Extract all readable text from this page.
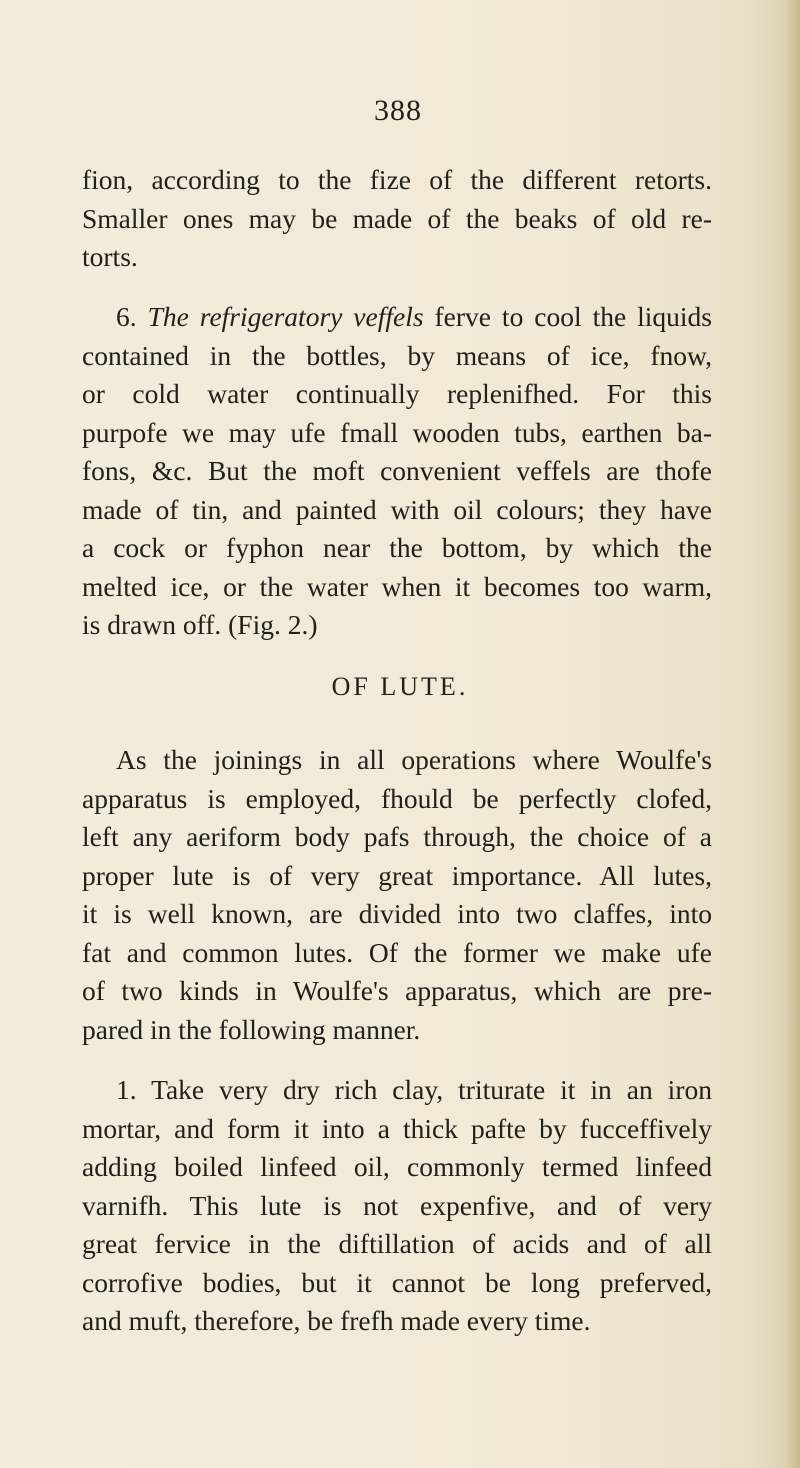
388
fion, according to the fize of the different retorts.
Smaller ones may be made of the beaks of old re-
torts.
6. The refrigeratory veffels ferve to cool the liquids
contained in the bottles, by means of ice, fnow,
or cold water continually replenifhed. For this
purpofe we may ufe fmall wooden tubs, earthen ba-
fons, &c. But the moft convenient veffels are thofe
made of tin, and painted with oil colours; they have
a cock or fyphon near the bottom, by which the
melted ice, or the water when it becomes too warm,
is drawn off. (Fig. 2.)
OF LUTE.
As the joinings in all operations where Woulfe's
apparatus is employed, fhould be perfectly clofed,
left any aeriform body pafs through, the choice of a
proper lute is of very great importance. All lutes,
it is well known, are divided into two claffes, into
fat and common lutes. Of the former we make ufe
of two kinds in Woulfe's apparatus, which are pre-
pared in the following manner.
1. Take very dry rich clay, triturate it in an iron
mortar, and form it into a thick pafte by fucceffively
adding boiled linfeed oil, commonly termed linfeed
varnifh. This lute is not expenfive, and of very
great fervice in the diftillation of acids and of all
corrofive bodies, but it cannot be long preferved,
and muft, therefore, be frefh made every time.
